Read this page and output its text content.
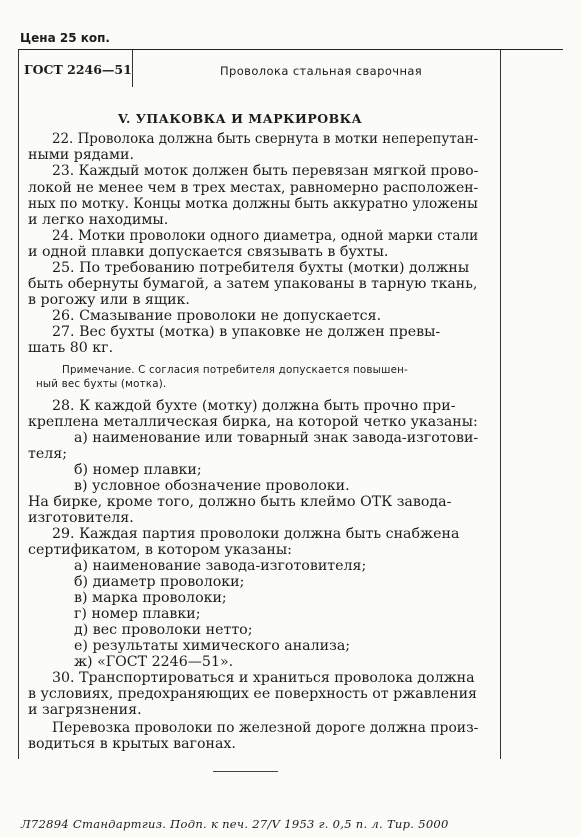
Цена 25 коп.
ГОСТ 2246—51	Проволока стальная сварочная
V. УПАКОВКА И МАРКИРОВКА
22. Проволока должна быть свернута в мотки неперепутан-
ными рядами.
23. Каждый моток должен быть перевязан мягкой прово-
локой не менее чем в трех местах, равномерно расположен-
ных по мотку. Концы мотка должны быть аккуратно уложены
и легко находимы.
24. Мотки проволоки одного диаметра, одной марки стали
и одной плавки допускается связывать в бухты.
25. По требованию потребителя бухты (мотки) должны
быть обернуты бумагой, а затем упакованы в тарную ткань,
в рогожу или в ящик.
26. Смазывание проволоки не допускается.
27. Вес бухты (мотка) в упаковке не должен превы-
шать 80 кг.
Примечание. С согласия потребителя допускается повышен-
ный вес бухты (мотка).
28. К каждой бухте (мотку) должна быть прочно при-
креплена металлическая бирка, на которой четко указаны:
а) наименование или товарный знак завода-изготови-
теля;
б) номер плавки;
в) условное обозначение проволоки.
На бирке, кроме того, должно быть клеймо ОТК завода-
изготовителя.
29. Каждая партия проволоки должна быть снабжена
сертификатом, в котором указаны:
а) наименование завода-изготовителя;
б) диаметр проволоки;
в) марка проволоки;
г) номер плавки;
д) вес проволоки нетто;
е) результаты химического анализа;
ж) «ГОСТ 2246—51».
30. Транспортироваться и храниться проволока должна
в условиях, предохраняющих ее поверхность от ржавления
и загрязнения.
Перевозка проволоки по железной дороге должна произ-
водиться в крытых вагонах.
Л72894 Стандартгиз. Подп. к печ. 27/V 1953 г. 0,5 п. л. Тир. 5000
